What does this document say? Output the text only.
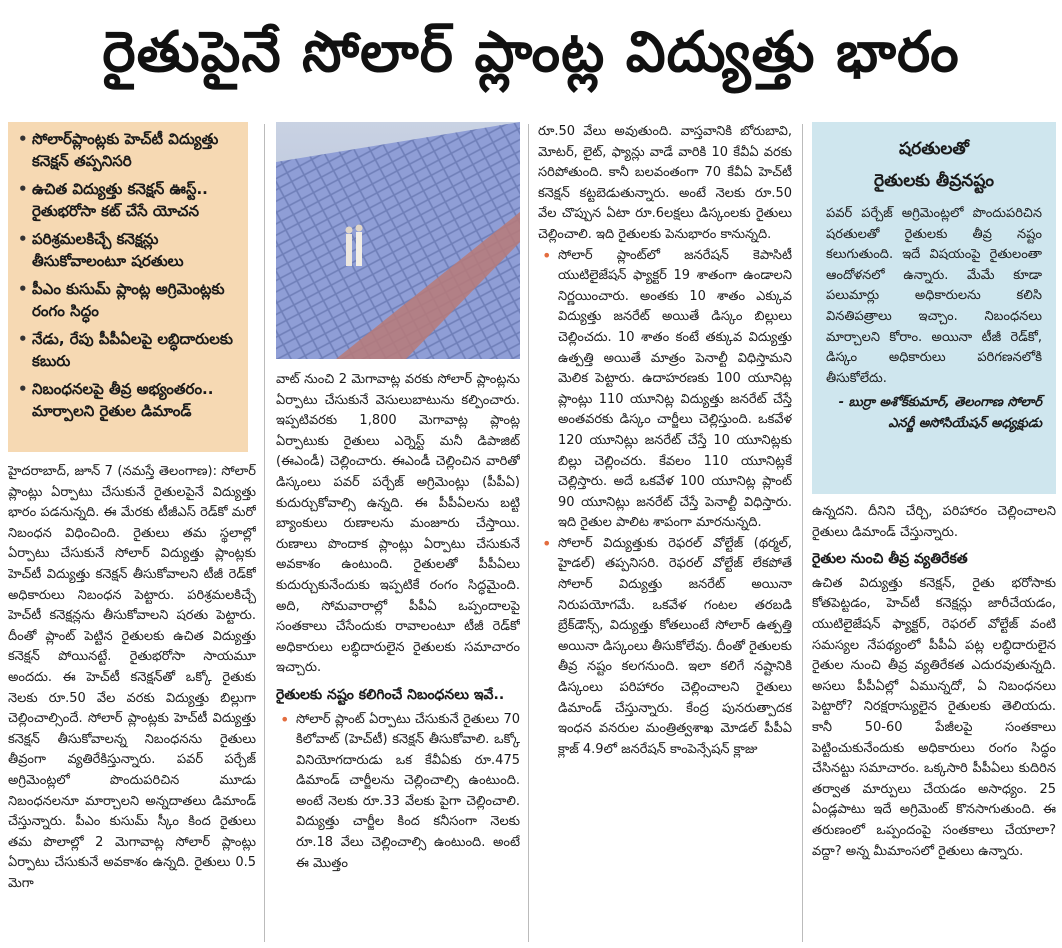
రైతుపైనే సోలార్ ప్లాంట్ల విద్యుత్తు భారం
• సోలార్‌ప్లాంట్లకు హెచ్‌టీ విద్యుత్తు కనెక్షన్ తప్పనిసరి
• ఉచిత విద్యుత్తు కనెక్షన్ ఊస్ట్.. రైతుభరోసా కట్ చేసే యోచన
• పరిశ్రమలకిచ్చే కనెక్షన్లు తీసుకోవాలంటూ షరతులు
• పీఎం కుసుమ్ ప్లాంట్ల అగ్రిమెంట్లకు రంగం సిద్ధం
• నేడు, రేపు పీపీఏలపై లబ్ధిదారులకు కబురు
• నిబంధనలపై తీవ్ర అభ్యంతరం.. మార్పాలని రైతుల డిమాండ్

హైదరాబాద్, జూన్ 7 (నమస్తే తెలంగాణ): సోలార్ ప్లాంట్లు ఏర్పాటు చేసుకునే రైతులపైనే విద్యుత్తు భారం పడనున్నది. ఈ మేరకు టీజీఎస్ రెడ్‌కో మరో నిబంధన విధించింది. రైతులు తమ స్థలాల్లో ఏర్పాటు చేసుకునే సోలార్ విద్యుత్తు ప్లాంట్లకు హెచ్‌టీ విద్యుత్తు కనెక్షన్ తీసుకోవాలని టీజీ రెడ్‌కో అధికారులు నిబంధన పెట్టారు. పరిశ్రమలకిచ్చే హెచ్‌టీ కనెక్షన్లను తీసుకోవాలని షరతు పెట్టారు. దీంతో ప్లాంట్ పెట్టిన రైతులకు ఉచిత విద్యుత్తు కనెక్షన్ పోయినట్టే. రైతుభరోసా సాయమూ అందదు. ఈ హెచ్‌టీ కనెక్షన్‌తో ఒక్కో రైతుకు నెలకు రూ.50 వేల వరకు విద్యుత్తు బిల్లుగా చెల్లించాల్సిందే. సోలార్ ప్లాంట్లకు హెచ్‌టీ విద్యుత్తు కనెక్షన్ తీసుకోవాలన్న నిబంధనను రైతులు తీవ్రంగా వ్యతిరేకిస్తున్నారు. పవర్ పర్చేజ్ అగ్రిమెంట్లలో పొందుపరిచిన మూడు నిబంధనలనూ మార్చాలని అన్నదాతలు డిమాండ్ చేస్తున్నారు. పీఎం కుసుమ్ స్కీం కింద రైతులు తమ పొలాల్లో 2 మెగావాట్ల సోలార్ ప్లాంట్లు ఏర్పాటు చేసుకునే అవకాశం ఉన్నది. రైతులు 0.5 మెగా

వాట్ నుంచి 2 మెగావాట్ల వరకు సోలార్ ప్లాంట్లను ఏర్పాటు చేసుకునే వెసులుబాటును కల్పించారు. ఇప్పటివరకు 1,800 మెగావాట్ల ప్లాంట్ల ఏర్పాటుకు రైతులు ఎర్నెస్ట్ మనీ డిపాజిట్ (ఈఎండీ) చెల్లించారు. ఈఎండీ చెల్లించిన వారితో డిస్కంలు పవర్ పర్చేజ్ అగ్రిమెంట్లు (పీపీఏ) కుదుర్చుకోవాల్సి ఉన్నది. ఈ పీపీఏలను బట్టి బ్యాంకులు రుణాలను మంజూరు చేస్తాయి. రుణాలు పొందాక ప్లాంట్లు ఏర్పాటు చేసుకునే అవకాశం ఉంటుంది. రైతులతో పీపీఏలు కుదుర్చుకునేందుకు ఇప్పటికే రంగం సిద్ధమైంది. అది, సోమవారాల్లో పీపీఏ ఒప్పందాలపై సంతకాలు చేసేందుకు రావాలంటూ టీజీ రెడ్‌కో అధికారులు లబ్ధిదారులైన రైతులకు సమాచారం ఇచ్చారు.

రైతులకు నష్టం కలిగించే నిబంధనలు ఇవే..

• సోలార్ ప్లాంట్ ఏర్పాటు చేసుకునే రైతులు 70 కిలోవాట్ (హెచ్‌టీ) కనెక్షన్ తీసుకోవాలి. ఒక్కో వినియోగదారుడు ఒక కేవీఏకు రూ.475 డిమాండ్ చార్జీలను చెల్లించాల్సి ఉంటుంది. అంటే నెలకు రూ.33 వేలకు పైగా చెల్లించాలి. విద్యుత్తు చార్జీల కింద కనీసంగా నెలకు రూ.18 వేలు చెల్లించాల్సి ఉంటుంది. అంటే ఈ మొత్తం

రూ.50 వేలు అవుతుంది. వాస్తవానికి బోరుబావి, మోటర్, లైట్, ఫ్యాన్లు వాడే వారికి 10 కేవీఏ వరకు సరిపోతుంది. కానీ బలవంతంగా 70 కేవీఏ హెచ్‌టీ కనెక్షన్ కట్టబెడుతున్నారు. అంటే నెలకు రూ.50 వేల చొప్పున ఏటా రూ.6లక్షలు డిస్కంలకు రైతులు చెల్లించాలి. ఇది రైతులకు పెనుభారం కానున్నది.

• సోలార్ ప్లాంట్‌లో జనరేషన్ కెపాసిటీ యుటిలైజేషన్ ఫ్యాక్టర్ 19 శాతంగా ఉండాలని నిర్ణయించారు. అంతకు 10 శాతం ఎక్కువ విద్యుత్తు జనరేట్ అయితే డిస్కం బిల్లులు చెల్లించదు. 10 శాతం కంటే తక్కువ విద్యుత్తు ఉత్పత్తి అయితే మాత్రం పెనాల్టీ విధిస్తామని మెలిక పెట్టారు. ఉదాహరణకు 100 యూనిట్ల ప్లాంట్లు 110 యూనిట్ల విద్యుత్తు జనరేట్ చేస్తే అంతవరకు డిస్కం చార్జీలు చెల్లిస్తుంది. ఒకవేళ 120 యూనిట్లు జనరేట్ చేస్తే 10 యూనిట్లకు బిల్లు చెల్లించరు. కేవలం 110 యూనిట్లకే చెల్లిస్తారు. అదే ఒకవేళ 100 యూనిట్ల ప్లాంట్ 90 యూనిట్లు జనరేట్ చేస్తే పెనాల్టీ విధిస్తారు. ఇది రైతుల పాలిట శాపంగా మారనున్నది.

• సోలార్ విద్యుత్తుకు రెఫరల్ వోల్టేజ్ (థర్మల్, హైడల్) తప్పనిసరి. రెఫరల్ వోల్టేజ్ లేకపోతే సోలార్ విద్యుత్తు జనరేట్ అయినా నిరుపయోగమే. ఒకవేళ గంటల తరబడి బ్రేక్‌డౌన్స్, విద్యుత్తు కోతలుంటే సోలార్ ఉత్పత్తి అయినా డిస్కంలు తీసుకోలేవు. దీంతో రైతులకు తీవ్ర నష్టం కలగనుంది. ఇలా కలిగే నష్టానికి డిస్కంలు పరిహారం చెల్లించాలని రైతులు డిమాండ్ చేస్తున్నారు. కేంద్ర పునరుత్పాదక ఇంధన వనరుల మంత్రిత్వశాఖ మోడల్ పీపీఏ క్లాజ్ 4.9లో జనరేషన్ కాంపెన్సేషన్ క్లాజు

షరతులతో
రైతులకు తీవ్రనష్టం
పవర్ పర్చేజ్ అగ్రిమెంట్లలో పొందుపరిచిన షరతులతో రైతులకు తీవ్ర నష్టం కలుగుతుంది. ఇదే విషయంపై రైతులంతా ఆందోళనలో ఉన్నారు. మేమే కూడా పలుమార్లు అధికారులను కలిసి వినతిపత్రాలు ఇచ్చాం. నిబంధనలు మార్చాలని కోరాం. అయినా టీజీ రెడ్‌కో, డిస్కం అధికారులు పరిగణనలోకి తీసుకోలేదు.
- బుర్రా అశోక్‌కుమార్, తెలంగాణ సోలార్ ఎనర్జీ అసోసియేషన్ అధ్యక్షుడు

ఉన్నదని. దీనిని చేర్చి, పరిహారం చెల్లించాలని రైతులు డిమాండ్ చేస్తున్నారు.

రైతుల నుంచి తీవ్ర వ్యతిరేకత

ఉచిత విద్యుత్తు కనెక్షన్, రైతు భరోసాకు కోతపెట్టడం, హెచ్‌టీ కనెక్షన్లు జారీచేయడం, యుటిలైజేషన్ ఫ్యాక్టర్, రెఫరల్ వోల్టేజ్ వంటి సమస్యల నేపథ్యంలో పీపీఏ పట్ల లబ్ధిదారులైన రైతుల నుంచి తీవ్ర వ్యతిరేకత ఎదురవుతున్నది. అసలు పీపీఏల్లో ఏమున్నదో, ఏ నిబంధనలు పెట్టారో? నిరక్షరాస్యులైన రైతులకు తెలియదు. కానీ 50-60 పేజీలపై సంతకాలు పెట్టించుకునేందుకు అధికారులు రంగం సిద్ధం చేసినట్టు సమాచారం. ఒక్కసారి పీపీఏలు కుదిరిన తర్వాత మార్పులు చేయడం అసాధ్యం. 25 ఏండ్లపాటు ఇదే అగ్రిమెంట్ కొనసాగుతుంది. ఈ తరుణంలో ఒప్పందంపై సంతకాలు చేయాలా? వద్దా? అన్న మీమాంసలో రైతులు ఉన్నారు.
